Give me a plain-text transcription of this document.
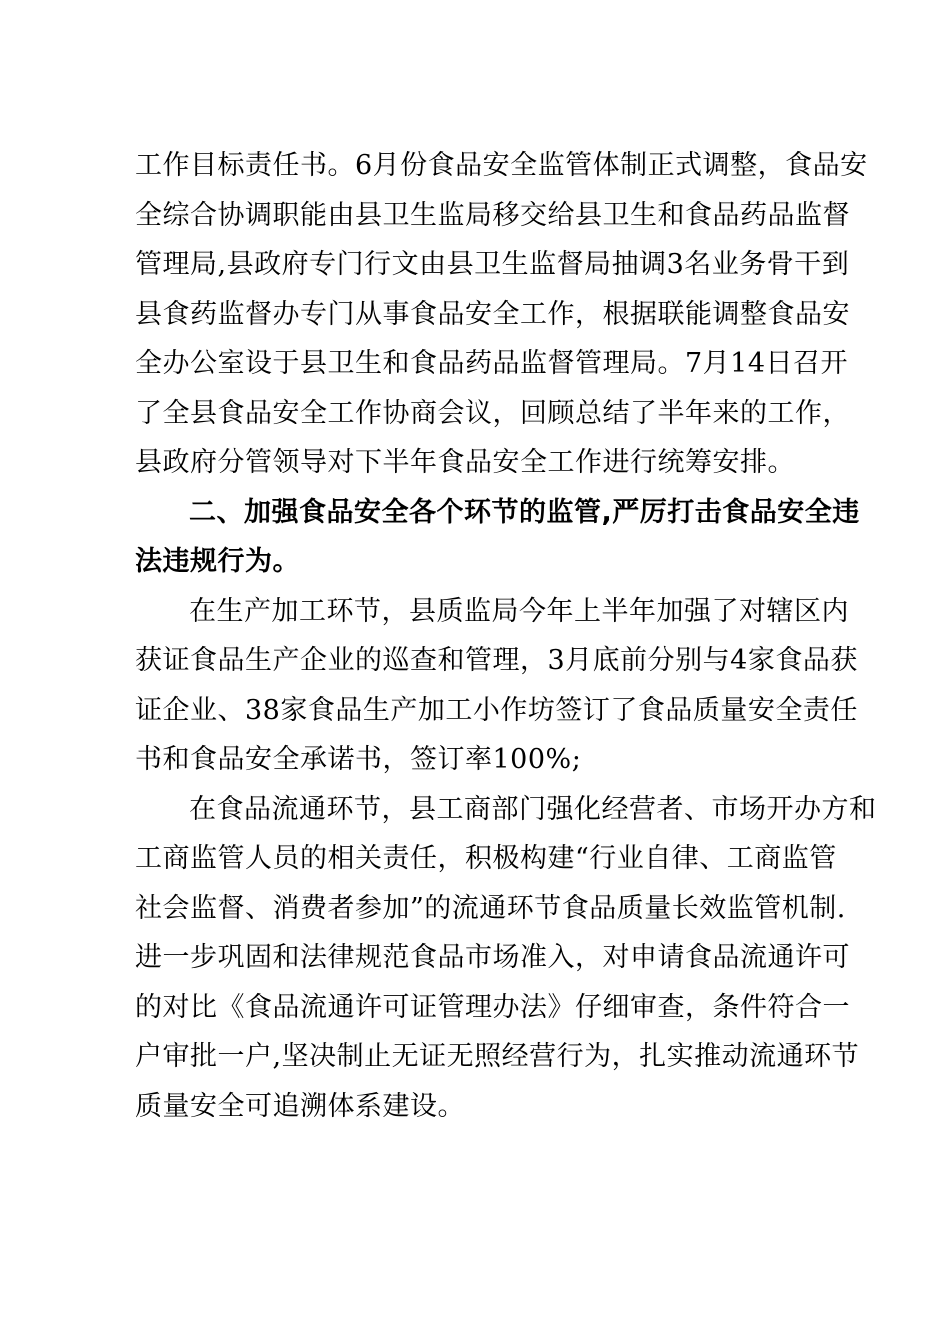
工作目标责任书。6月份食品安全监管体制正式调整，食品安
全综合协调职能由县卫生监局移交给县卫生和食品药品监督
管理局,县政府专门行文由县卫生监督局抽调3名业务骨干到
县食药监督办专门从事食品安全工作，根据联能调整食品安
全办公室设于县卫生和食品药品监督管理局。7月14日召开
了全县食品安全工作协商会议，回顾总结了半年来的工作，
县政府分管领导对下半年食品安全工作进行统筹安排。
二、加强食品安全各个环节的监管,严厉打击食品安全违
法违规行为。
在生产加工环节，县质监局今年上半年加强了对辖区内
获证食品生产企业的巡查和管理，3月底前分别与4家食品获
证企业、38家食品生产加工小作坊签订了食品质量安全责任
书和食品安全承诺书，签订率100%;
在食品流通环节，县工商部门强化经营者、市场开办方和
工商监管人员的相关责任，积极构建“行业自律、工商监管
社会监督、消费者参加”的流通环节食品质量长效监管机制.
进一步巩固和法律规范食品市场准入，对申请食品流通许可
的对比《食品流通许可证管理办法》仔细审查，条件符合一
户审批一户,坚决制止无证无照经营行为，扎实推动流通环节
质量安全可追溯体系建设。
